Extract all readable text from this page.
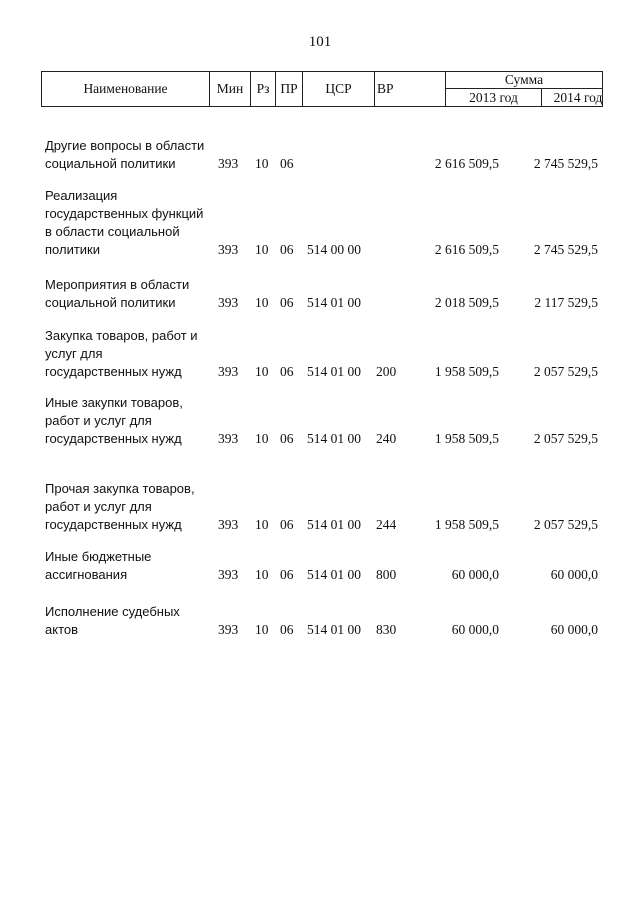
101
Наименование	Мин Рз ПР	ЦСР	ВР
Сумма
2013 год	2014 год
Другие вопросы в области социальной политики	393 10 06	2 616 509,5	2 745 529,5
Реализация государственных функций в области социальной политики	393 10 06 514 00 00	2 616 509,5	2 745 529,5
Мероприятия в области социальной политики	393 10 06 514 01 00	2 018 509,5	2 117 529,5
Закупка товаров, работ и услуг для государственных нужд	393 10 06 514 01 00 200	1 958 509,5	2 057 529,5
Иные закупки товаров, работ и услуг для государственных нужд	393 10 06 514 01 00 240	1 958 509,5	2 057 529,5
Прочая закупка товаров, работ и услуг для государственных нужд	393 10 06 514 01 00 244	1 958 509,5	2 057 529,5
Иные бюджетные ассигнования	393 10 06 514 01 00 800	60 000,0	60 000,0
Исполнение судебных актов	393 10 06 514 01 00 830	60 000,0	60 000,0
